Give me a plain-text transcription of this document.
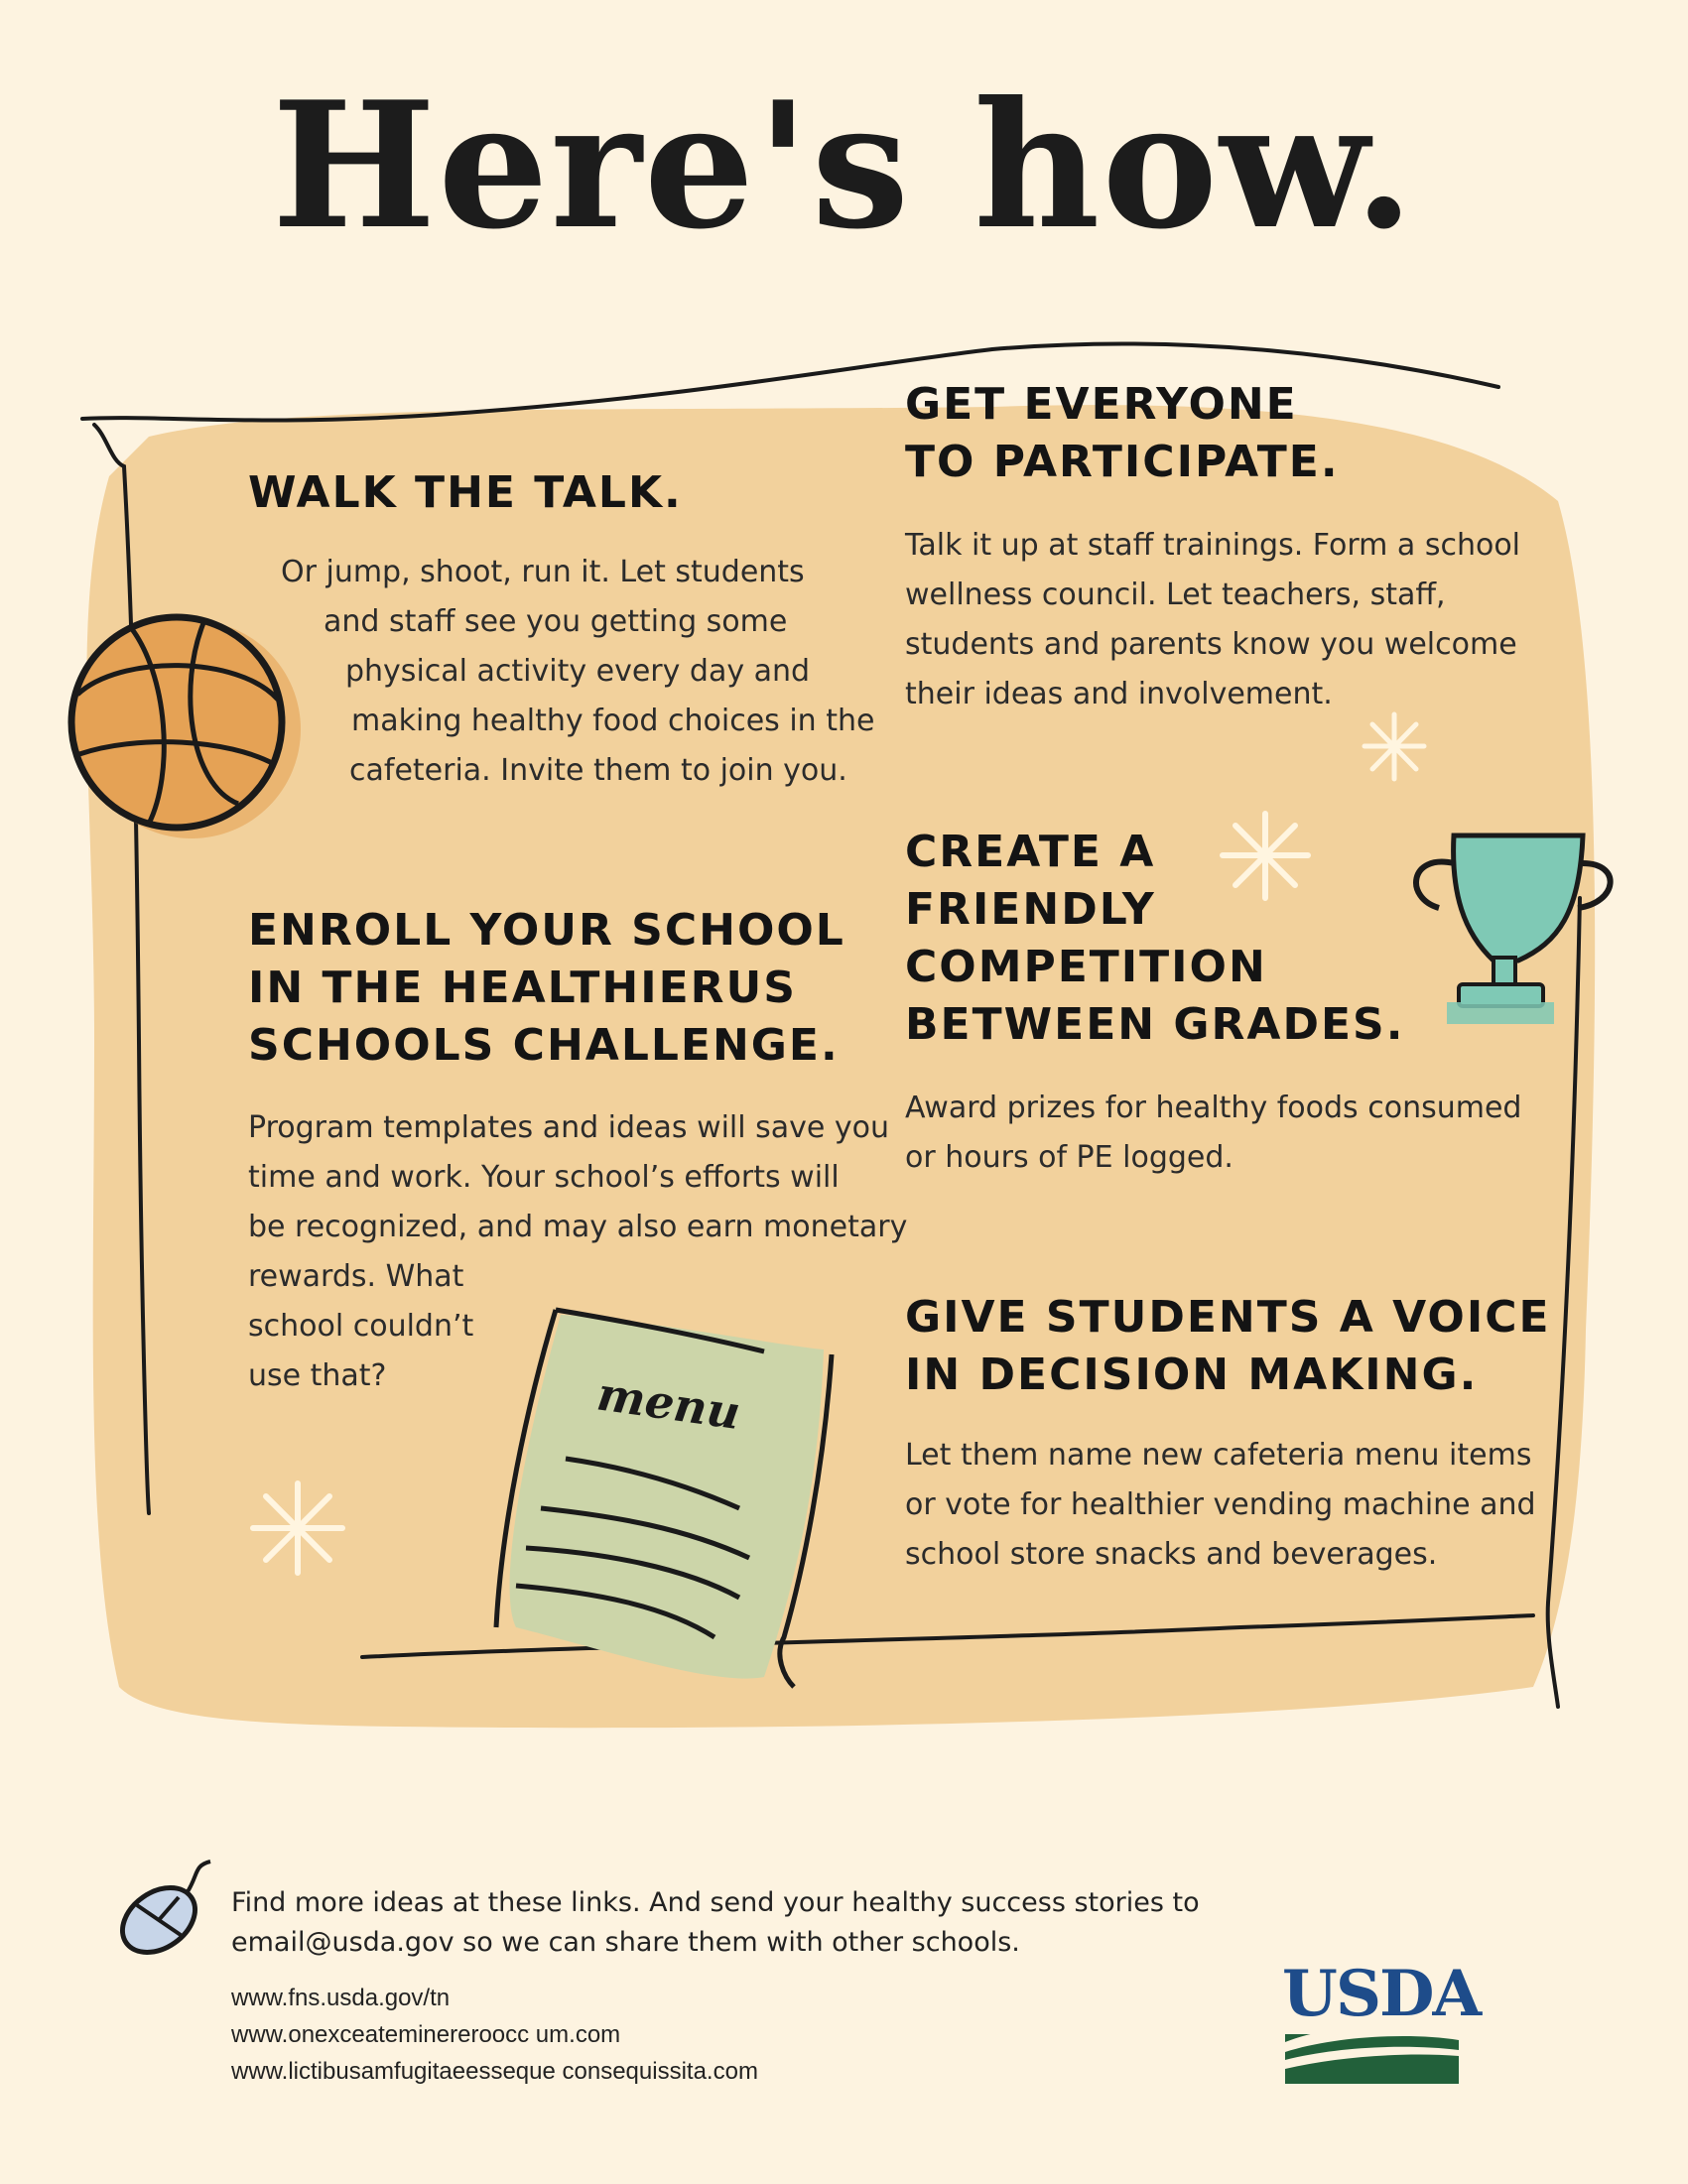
Here's how.
menu
WALK THE TALK.
Or jump, shoot, run it. Let students
and staff see you getting some
physical activity every day and
making healthy food choices in the
cafeteria. Invite them to join you.
GET EVERYONE
TO PARTICIPATE.
Talk it up at staff trainings. Form a school
wellness council. Let teachers, staff,
students and parents know you welcome
their ideas and involvement.
ENROLL YOUR SCHOOL
IN THE HEALTHIERUS
SCHOOLS CHALLENGE.
Program templates and ideas will save you
time and work. Your school’s efforts will
be recognized, and may also earn monetary
rewards. What
school couldn’t
use that?
CREATE A
FRIENDLY
COMPETITION
BETWEEN GRADES.
Award prizes for healthy foods consumed
or hours of PE logged.
GIVE STUDENTS A VOICE
IN DECISION MAKING.
Let them name new cafeteria menu items
or vote for healthier vending machine and
school store snacks and beverages.
Find more ideas at these links. And send your healthy success stories to
email@usda.gov so we can share them with other schools.
www.fns.usda.gov/tn
www.onexceateminereroocc um.com
www.lictibusamfugitaeesseque consequissita.com
USDA
